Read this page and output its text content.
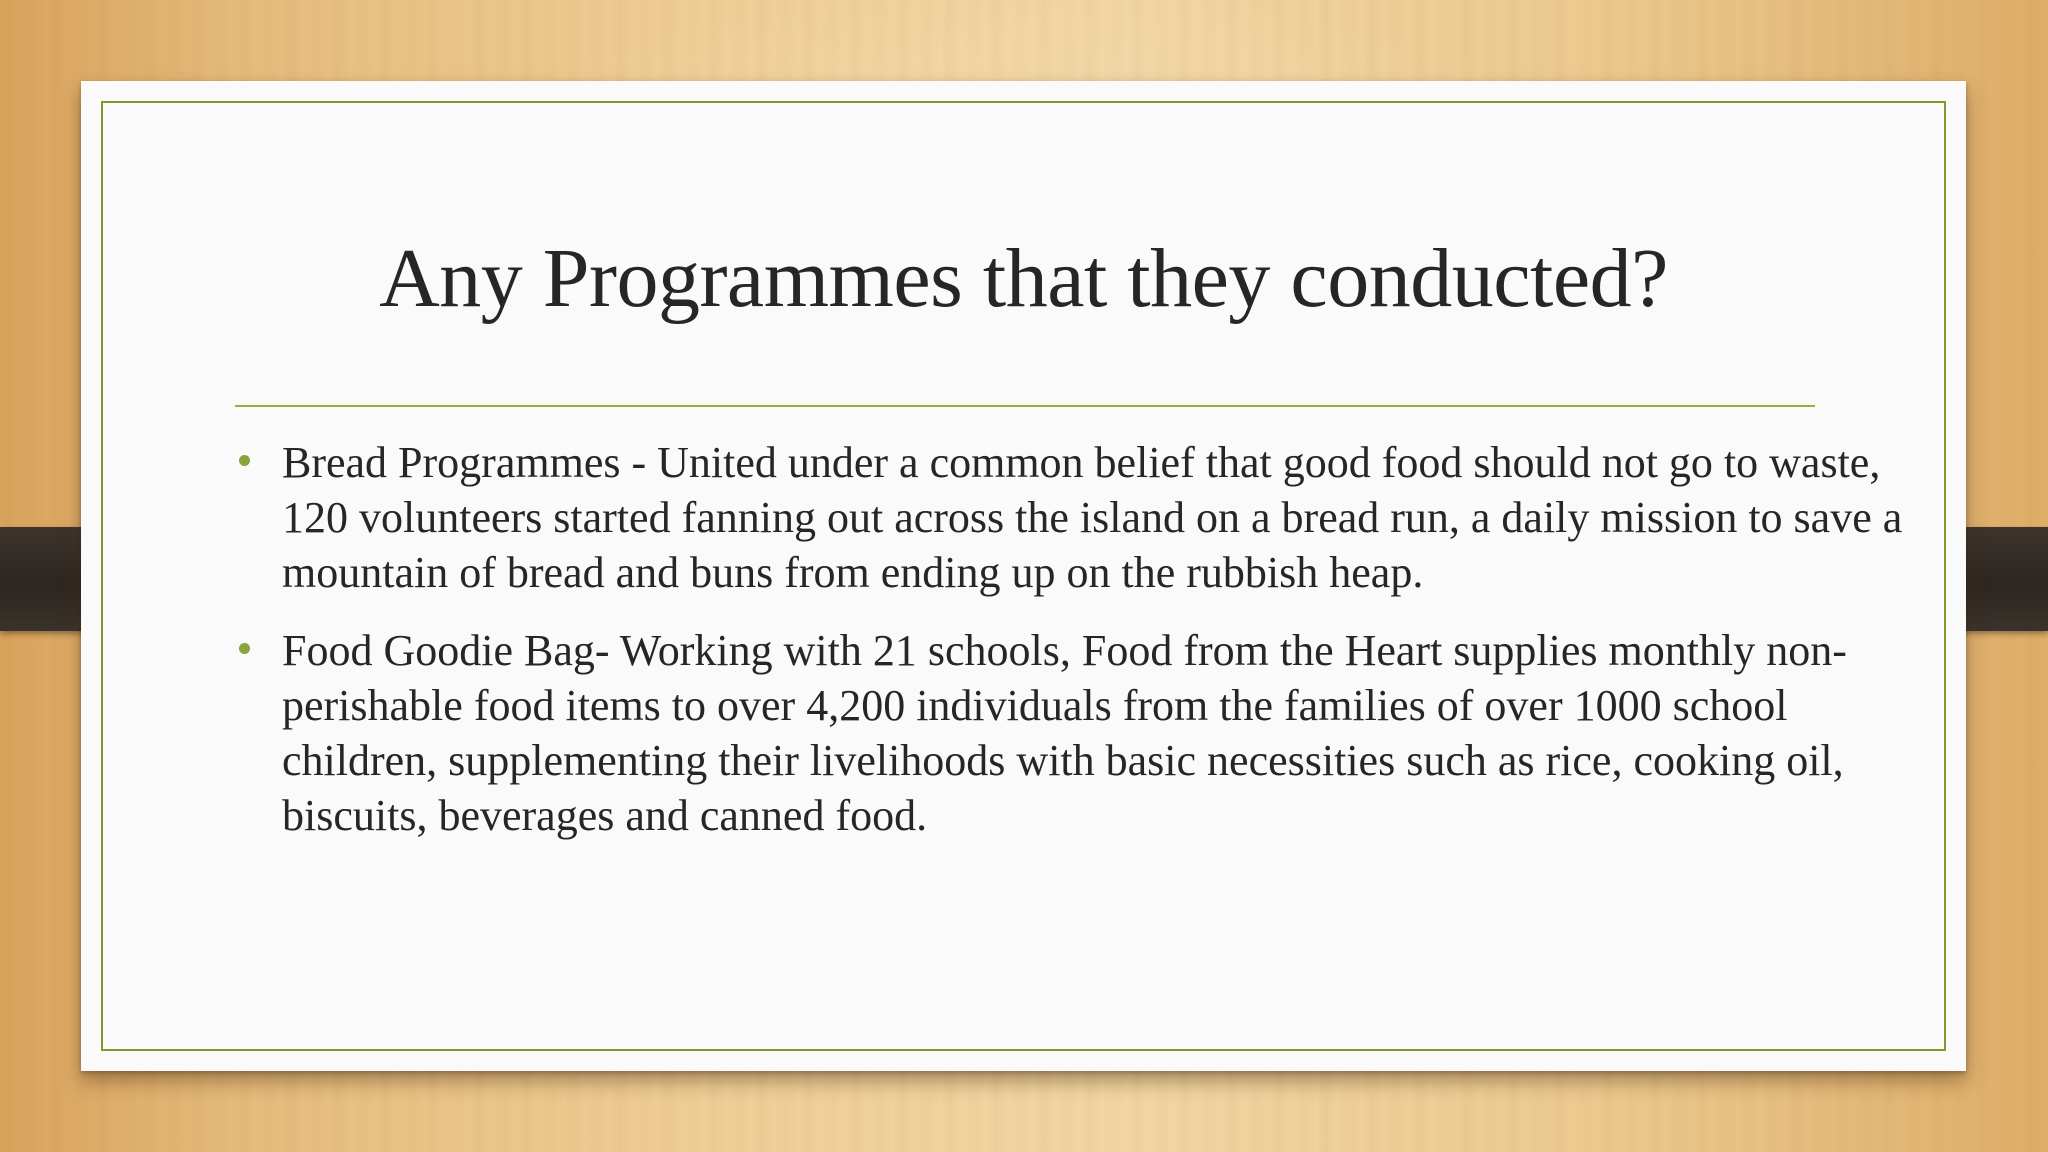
Any Programmes that they conducted?
Bread Programmes - United under a common belief that good food should not go to waste, 120 volunteers started fanning out across the island on a bread run, a daily mission to save a mountain of bread and buns from ending up on the rubbish heap.
Food Goodie Bag- Working with 21 schools, Food from the Heart supplies monthly non-perishable food items to over 4,200 individuals from the families of over 1000 school children, supplementing their livelihoods with basic necessities such as rice, cooking oil, biscuits, beverages and canned food.
